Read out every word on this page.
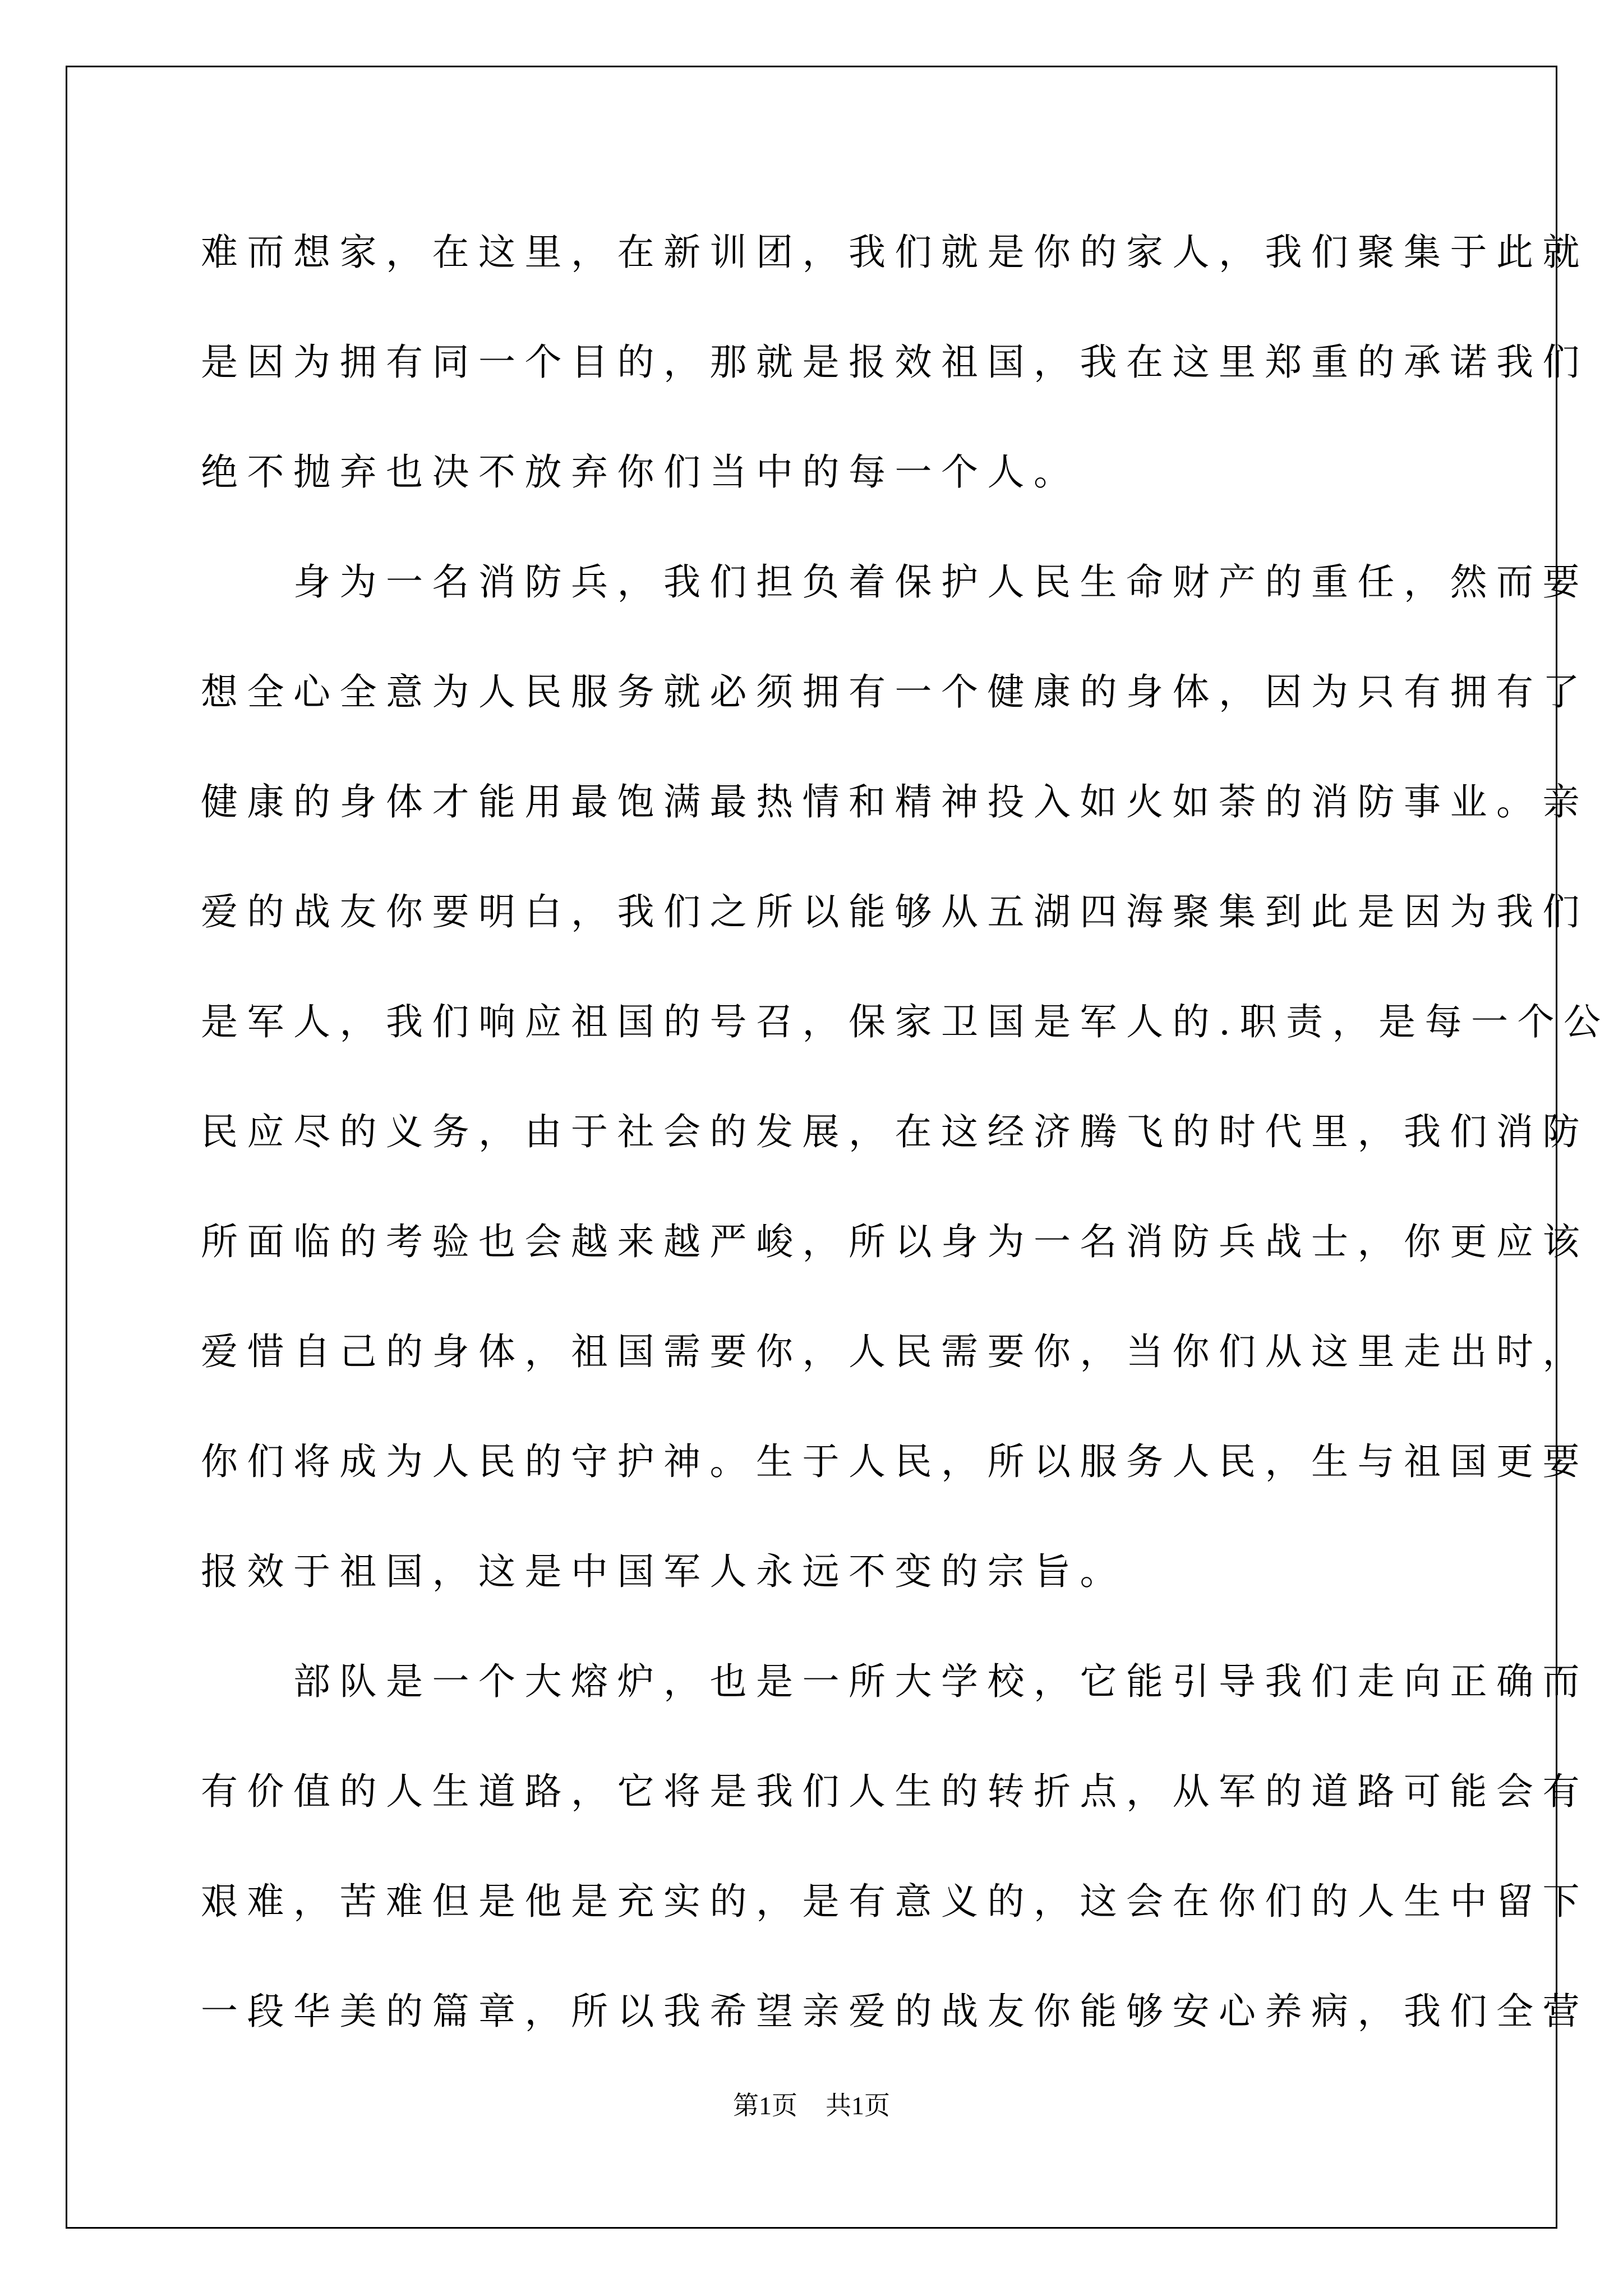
难而想家，在这里，在新训团，我们就是你的家人，我们聚集于此就
是因为拥有同一个目的，那就是报效祖国，我在这里郑重的承诺我们
绝不抛弃也决不放弃你们当中的每一个人。
　　身为一名消防兵，我们担负着保护人民生命财产的重任，然而要
想全心全意为人民服务就必须拥有一个健康的身体，因为只有拥有了
健康的身体才能用最饱满最热情和精神投入如火如荼的消防事业。亲
爱的战友你要明白，我们之所以能够从五湖四海聚集到此是因为我们
是军人，我们响应祖国的号召，保家卫国是军人的.职责，是每一个公
民应尽的义务，由于社会的发展，在这经济腾飞的时代里，我们消防
所面临的考验也会越来越严峻，所以身为一名消防兵战士，你更应该
爱惜自己的身体，祖国需要你，人民需要你，当你们从这里走出时，
你们将成为人民的守护神。生于人民，所以服务人民，生与祖国更要
报效于祖国，这是中国军人永远不变的宗旨。
　　部队是一个大熔炉，也是一所大学校，它能引导我们走向正确而
有价值的人生道路，它将是我们人生的转折点，从军的道路可能会有
艰难，苦难但是他是充实的，是有意义的，这会在你们的人生中留下
一段华美的篇章，所以我希望亲爱的战友你能够安心养病，我们全营
第1页 共1页
